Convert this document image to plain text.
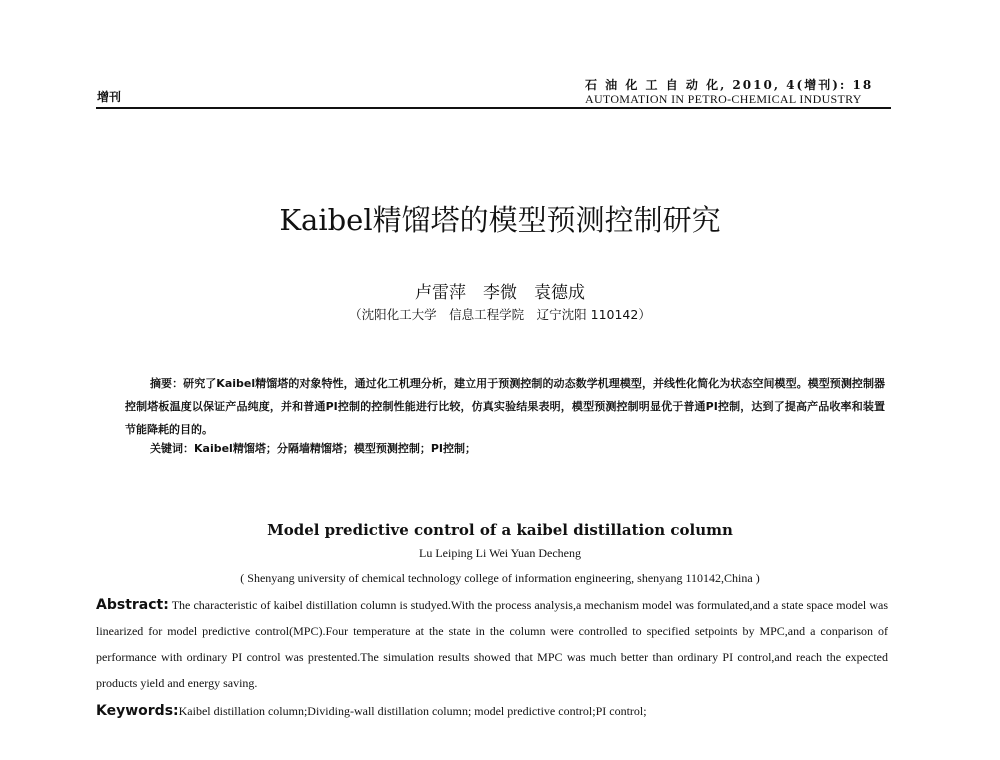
增刊
石 油 化 工 自 动 化, 2010, 4(增刊): 18
AUTOMATION IN PETRO-CHEMICAL INDUSTRY
Kaibel精馏塔的模型预测控制研究
卢雷萍　李微　袁德成
（沈阳化工大学　信息工程学院　辽宁沈阳 110142）
摘要：研究了Kaibel精馏塔的对象特性，通过化工机理分析，建立用于预测控制的动态数学机理模型，并线性化简化为状态空间模型。模型预测控制器控制塔板温度以保证产品纯度，并和普通PI控制的控制性能进行比较，仿真实验结果表明，模型预测控制明显优于普通PI控制，达到了提高产品收率和装置节能降耗的目的。
关键词：Kaibel精馏塔；分隔墙精馏塔；模型预测控制；PI控制；
Model predictive control of a kaibel distillation column
Lu Leiping Li Wei Yuan Decheng
( Shenyang university of chemical technology college of information engineering, shenyang 110142,China )
Abstract: The characteristic of kaibel distillation column is studyed.With the process analysis,a mechanism model was formulated,and a state space model was linearized for model predictive control(MPC).Four temperature at the state in the column were controlled to specified setpoints by MPC,and a conparison of performance with ordinary PI control was prestented.The simulation results showed that MPC was much better than ordinary PI control,and reach the expected products yield and energy saving.
Keywords:Kaibel distillation column;Dividing-wall distillation column; model predictive control;PI control;
